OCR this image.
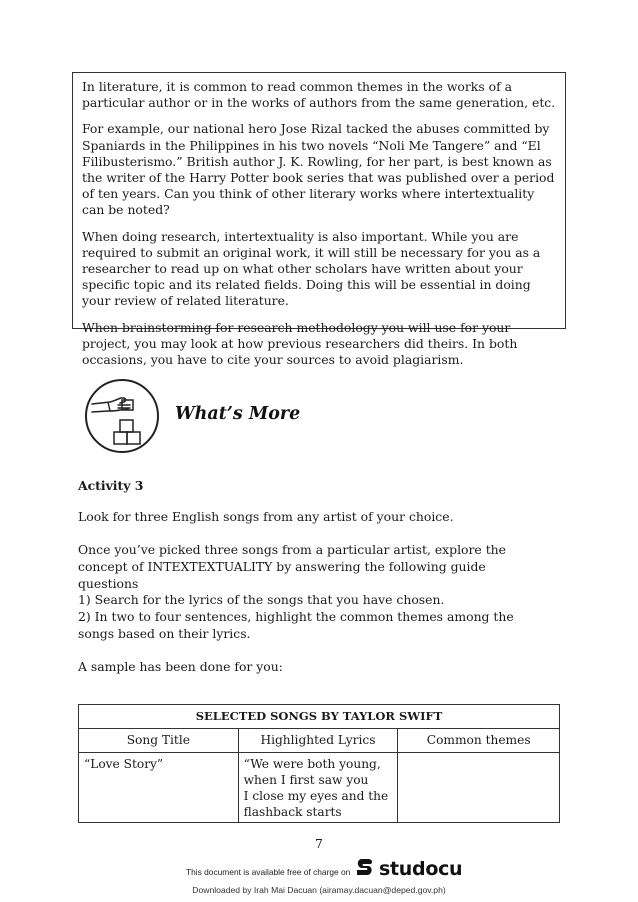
In literature, it is common to read common themes in the works of a particular author or in the works of authors from the same generation, etc.

For example, our national hero Jose Rizal tacked the abuses committed by Spaniards in the Philippines in his two novels “Noli Me Tangere” and “El Filibusterismo.” British author J. K. Rowling, for her part, is best known as the writer of the Harry Potter book series that was published over a period of ten years. Can you think of other literary works where intertextuality can be noted?

When doing research, intertextuality is also important. While you are required to submit an original work, it will still be necessary for you as a researcher to read up on what other scholars have written about your specific topic and its related fields. Doing this will be essential in doing your review of related literature.

When brainstorming for research methodology you will use for your project, you may look at how previous researchers did theirs. In both occasions, you have to cite your sources to avoid plagiarism.

What’s More
Activity 3
Look for three English songs from any artist of your choice.
Once you’ve picked three songs from a particular artist, explore the concept of INTEXTEXTUALITY by answering the following guide questions
1) Search for the lyrics of the songs that you have chosen.
2) In two to four sentences, highlight the common themes among the songs based on their lyrics.
A sample has been done for you:
SELECTED SONGS BY TAYLOR SWIFT		
Song Title	Highlighted Lyrics	Common themes
“Love Story”	“We were both young,
when I first saw you
I close my eyes and the
flashback starts	

7
This document is available free of charge on studocu
Downloaded by Irah Mai Dacuan (airamay.dacuan@deped.gov.ph)
